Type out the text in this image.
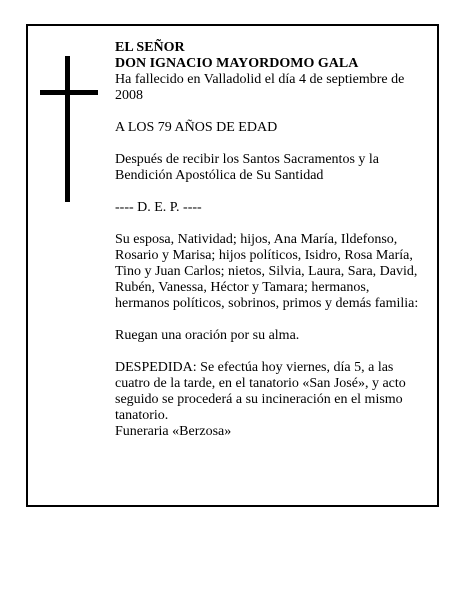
EL SEÑOR

DON IGNACIO MAYORDOMO GALA

Ha fallecido en Valladolid el día 4 de septiembre de 2008

A LOS 79 AÑOS DE EDAD

Después de recibir los Santos Sacramentos y la Bendición Apostólica de Su Santidad

---- D. E. P. ----

Su esposa, Natividad; hijos, Ana María, Ildefonso, Rosario y Marisa; hijos políticos, Isidro, Rosa María, Tino y Juan Carlos; nietos, Silvia, Laura, Sara, David, Rubén, Vanessa, Héctor y Tamara; hermanos, hermanos políticos, sobrinos, primos y demás familia:

Ruegan una oración por su alma.

DESPEDIDA: Se efectúa hoy viernes, día 5, a las cuatro de la tarde, en el tanatorio «San José», y acto seguido se procederá a su incineración en el mismo tanatorio.

Funeraria «Berzosa»
